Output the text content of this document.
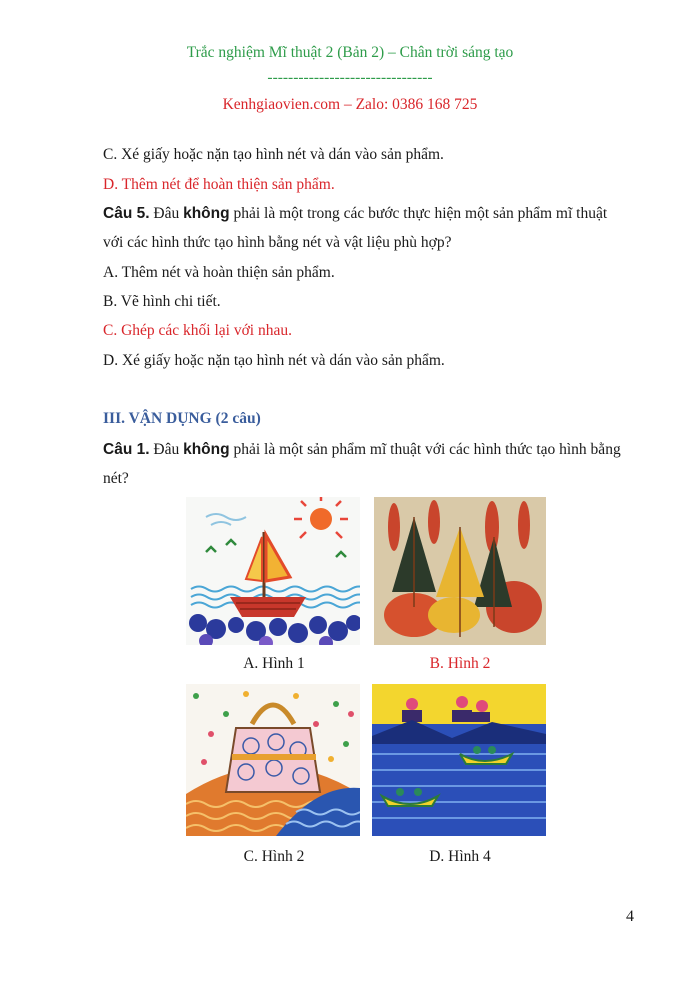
Trắc nghiệm Mĩ thuật 2 (Bản 2) – Chân trời sáng tạo
--------------------------------
Kenhgiaovien.com – Zalo: 0386 168 725
C. Xé giấy hoặc nặn tạo hình nét và dán vào sản phẩm.
D. Thêm nét để hoàn thiện sản phẩm.
Câu 5. Đâu không phải là một trong các bước thực hiện một sản phẩm mĩ thuật
với các hình thức tạo hình bằng nét và vật liệu phù hợp?
A. Thêm nét và hoàn thiện sản phẩm.
B. Vẽ hình chi tiết.
C. Ghép các khối lại với nhau.
D. Xé giấy hoặc nặn tạo hình nét và dán vào sản phẩm.
III. VẬN DỤNG (2 câu)
Câu 1. Đâu không phải là một sản phẩm mĩ thuật với các hình thức tạo hình bằng
nét?
A. Hình 1	B. Hình 2
C. Hình 2	D. Hình 4
4
